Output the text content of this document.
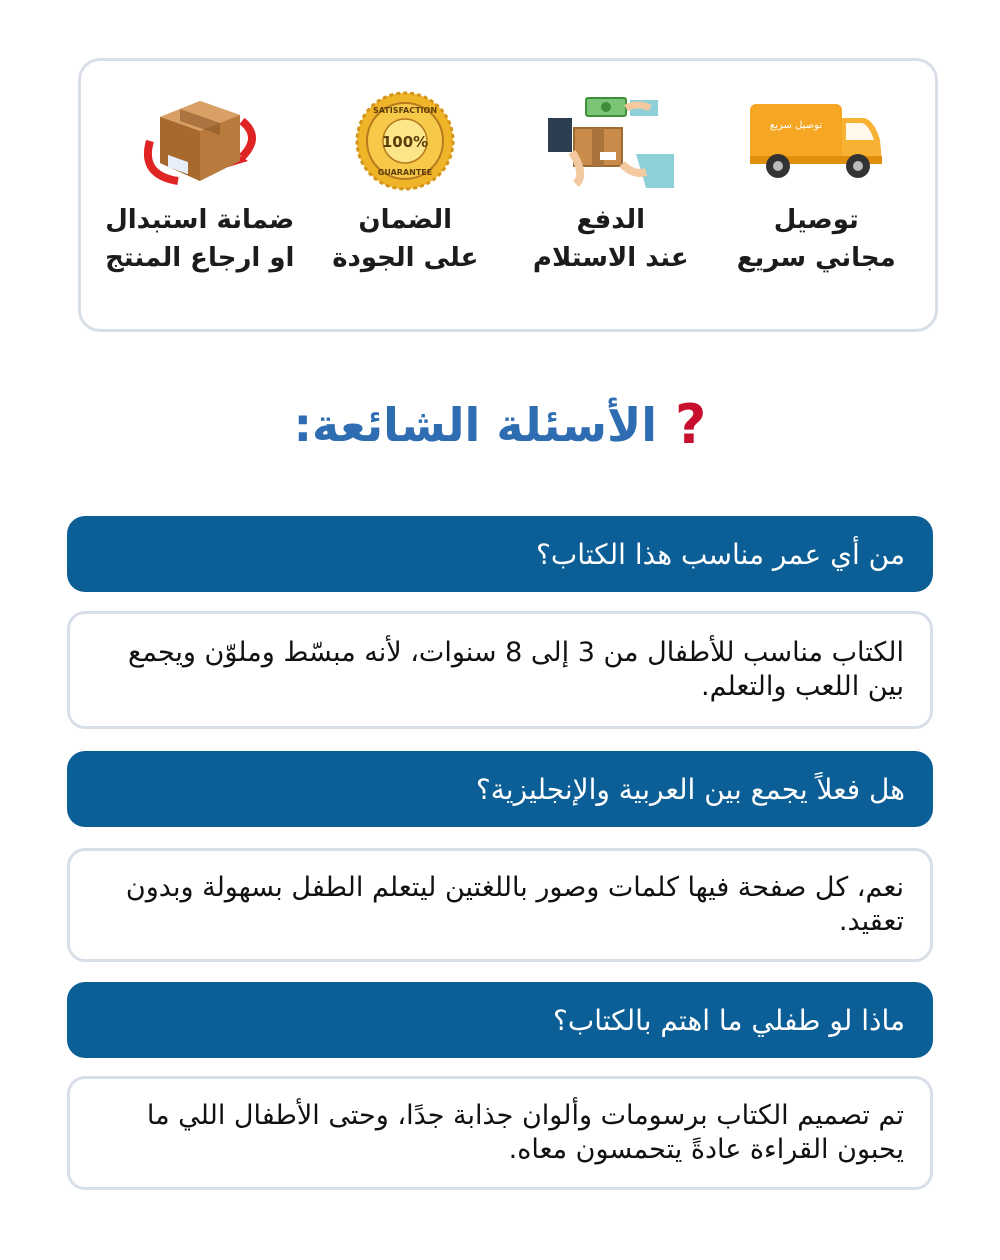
توصيل سريع
توصيل
مجاني سريع
الدفع
عند الاستلام
SATISFACTION
100%
GUARANTEE
الضمان
على الجودة
ضمانة استبدال
او ارجاع المنتج
?
الأسئلة الشائعة:
من أي عمر مناسب هذا الكتاب؟
الكتاب مناسب للأطفال من 3 إلى 8 سنوات، لأنه مبسّط وملوّن ويجمع بين اللعب والتعلم.
هل فعلاً يجمع بين العربية والإنجليزية؟
نعم، كل صفحة فيها كلمات وصور باللغتين ليتعلم الطفل بسهولة وبدون تعقيد.
ماذا لو طفلي ما اهتم بالكتاب؟
تم تصميم الكتاب برسومات وألوان جذابة جدًا، وحتى الأطفال اللي ما يحبون القراءة عادةً يتحمسون معاه.
